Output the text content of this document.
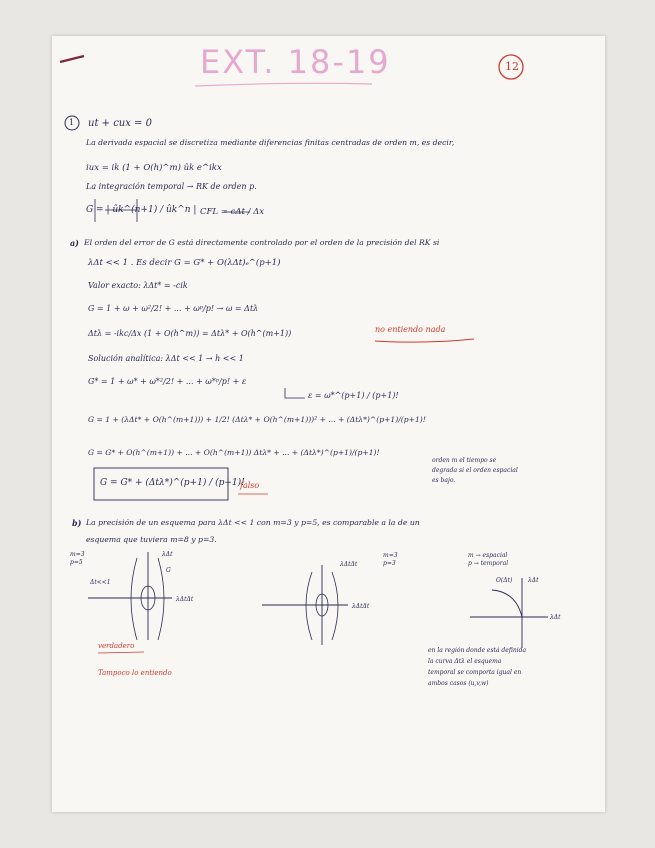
EXT. 18-19	12
1 ut + cux = 0
La derivada espacial se discretiza mediante diferencias finitas centradas de orden m, es decir,
iux = ik (1 + O(h)^m) ûk e^ikx
La integración temporal → RK de orden p.
G = | ûk^(n+1) / ûk^n | CFL = cΔt / Δx
a) El orden del error de G está directamente controlado por el orden de la precisión del RK si
λΔt << 1 . Es decir G = G* + O(λΔt)ₑ^(p+1)
Valor exacto: λΔt* = -cik
G = 1 + ω + ω²/2! + ... + ωᵖ/p! → ω = Δtλ
Δtλ = -ikc/Δx (1 + O(h^m)) = Δtλ* + O(h^(m+1))	no entiendo nada
Solución analítica: λΔt << 1 → h << 1
G* = 1 + ω* + ω*²/2! + ... + ω*ᵖ/p! + ε
ε = ω*^(p+1) / (p+1)!
G = 1 + (λΔt* + O(h^(m+1))) + 1/2! (Δtλ* + O(h^(m+1)))² + ... + (Δtλ*)^(p+1)/(p+1)!
G = G* + O(h^(m+1)) + ... + O(h^(m+1)) Δtλ* + ... + (Δtλ*)^(p+1)/(p+1)!
G = G* + (Δtλ*)^(p+1) / (p+1)!
falso
orden m el tiempo se
degrada si el orden espacial
es bajo.
b) La precisión de un esquema para λΔt << 1 con m=3 y p=5, es comparable a la de un
esquema que tuviera m=8 y p=3.
m=3
p=5
λΔt
G
Δt<<1
λΔtΔt
λΔtΔt
m=3
p=3
λΔtΔt
m → espacial
p → temporal
O(Δt)	λΔt
λΔt
verdadero
Tampoco lo entiendo
en la región donde está definida
la curva Δtλ el esquema
temporal se comporta igual en
ambos casos (u,v,w)
